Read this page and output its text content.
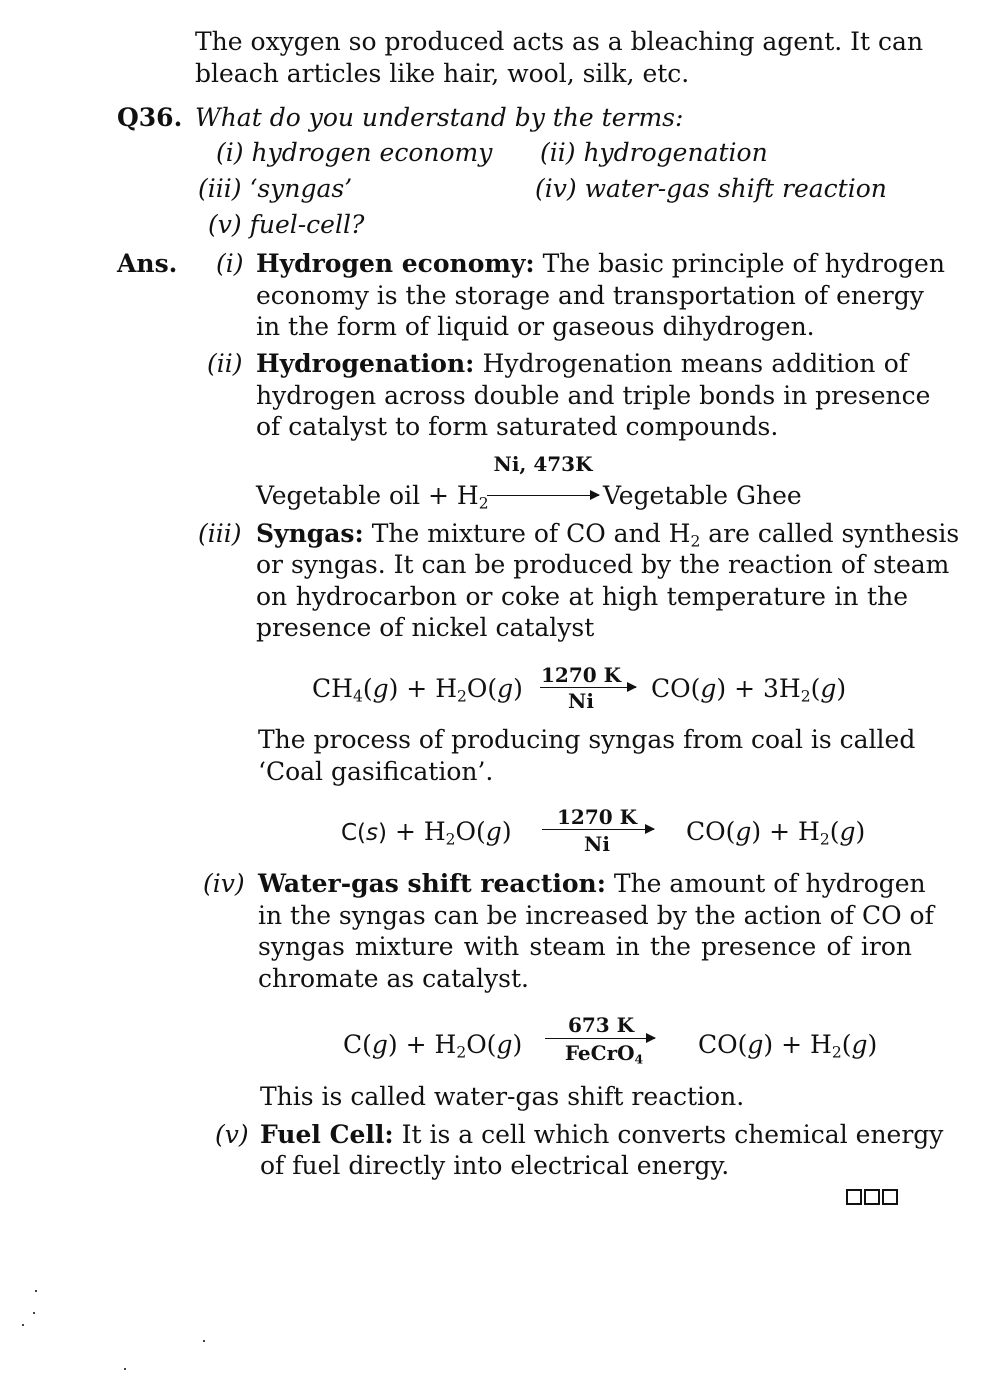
The oxygen so produced acts as a bleaching agent. It can
bleach articles like hair, wool, silk, etc.
Q36. What do you understand by the terms:
(i) hydrogen economy (ii) hydrogenation
(iii) ‘syngas’	(iv) water-gas shift reaction
(v) fuel-cell?
Ans. (i) Hydrogen economy: The basic principle of hydrogen
economy is the storage and transportation of energy
in the form of liquid or gaseous dihydrogen.
(ii) Hydrogenation: Hydrogenation means addition of
hydrogen across double and triple bonds in presence
of catalyst to form saturated compounds.
Ni, 473K
Vegetable oil + $H_2$	Vegetable Ghee
(iii) Syngas: The mixture of CO and $H_2$ are called synthesis
or syngas. It can be produced by the reaction of steam
on hydrocarbon or coke at high temperature in the
presence of nickel catalyst
$CH_4(g) + H_2O(g)$ 1270 K
Ni	$CO(g) + 3H_2(g)$
The process of producing syngas from coal is called
‘Coal gasification’.
$C(s) + H_2O(g)$ 1270 K
Ni	$CO(g) + H_2(g)$
(iv) Water-gas shift reaction: The amount of hydrogen
in the syngas can be increased by the action of CO of
syngas mixture with steam in the presence of iron
chromate as catalyst.
$C(g) + H_2O(g)$
673 K
FeCrO$_4$	$CO(g) + H_2(g)$
This is called water-gas shift reaction.
(v) Fuel Cell: It is a cell which converts chemical energy
of fuel directly into electrical energy.
